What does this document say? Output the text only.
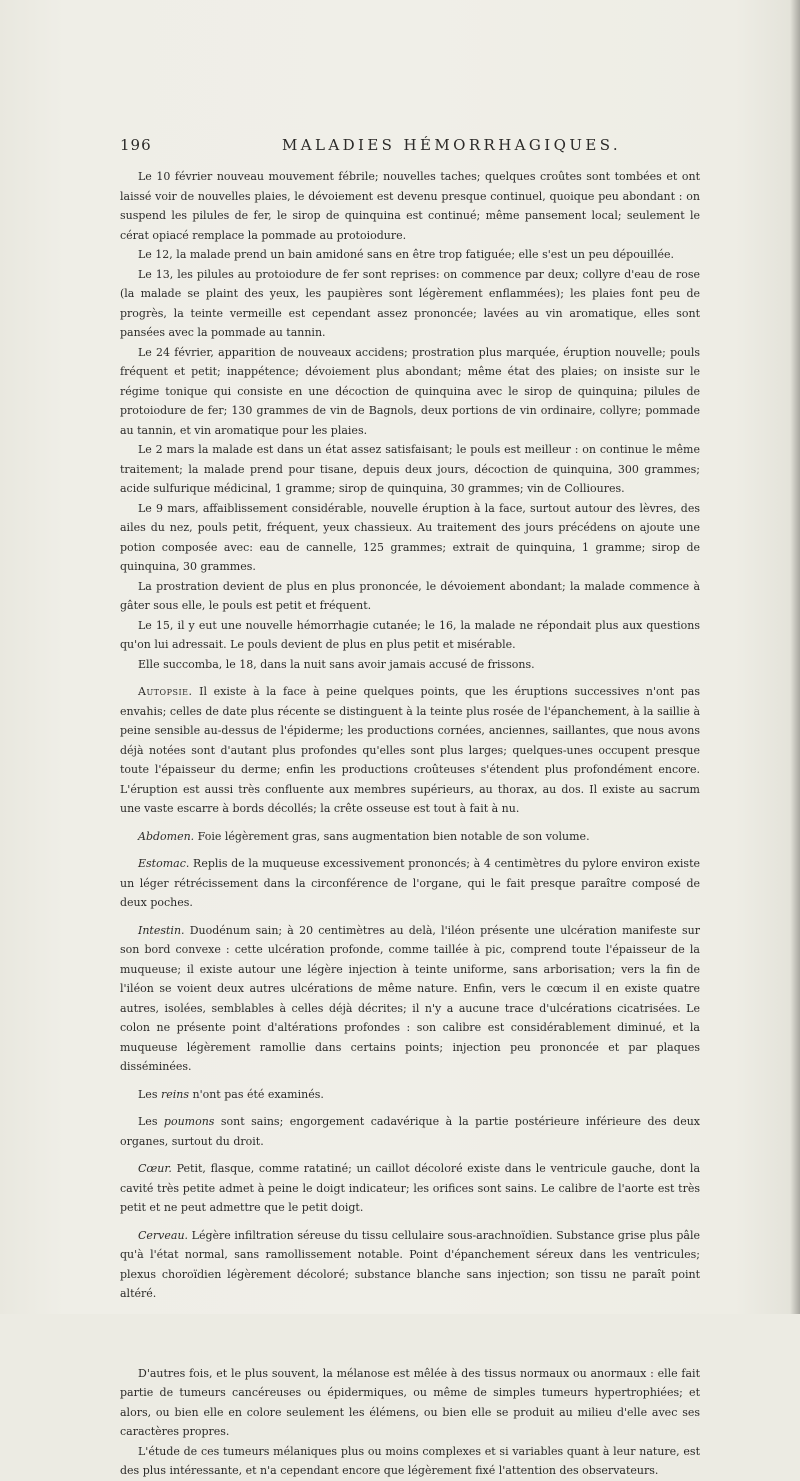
196	MALADIES HÉMORRHAGIQUES.

Le 10 février nouveau mouvement fébrile; nouvelles taches; quelques croûtes sont tombées et ont laissé voir de nouvelles plaies, le dévoiement est devenu presque continuel, quoique peu abondant : on suspend les pilules de fer, le sirop de quinquina est continué; même pansement local; seulement le cérat opiacé remplace la pommade au protoiodure.

Le 12, la malade prend un bain amidoné sans en être trop fatiguée; elle s'est un peu dépouillée.

Le 13, les pilules au protoiodure de fer sont reprises: on commence par deux; collyre d'eau de rose (la malade se plaint des yeux, les paupières sont légèrement enflammées); les plaies font peu de progrès, la teinte vermeille est cependant assez prononcée; lavées au vin aromatique, elles sont pansées avec la pommade au tannin.

Le 24 février, apparition de nouveaux accidens; prostration plus marquée, éruption nouvelle; pouls fréquent et petit; inappétence; dévoiement plus abondant; même état des plaies; on insiste sur le régime tonique qui consiste en une décoction de quinquina avec le sirop de quinquina; pilules de protoiodure de fer; 130 grammes de vin de Bagnols, deux portions de vin ordinaire, collyre; pommade au tannin, et vin aromatique pour les plaies.

Le 2 mars la malade est dans un état assez satisfaisant; le pouls est meilleur : on continue le même traitement; la malade prend pour tisane, depuis deux jours, décoction de quinquina, 300 grammes; acide sulfurique médicinal, 1 gramme; sirop de quinquina, 30 grammes; vin de Collioures.

Le 9 mars, affaiblissement considérable, nouvelle éruption à la face, surtout autour des lèvres, des ailes du nez, pouls petit, fréquent, yeux chassieux. Au traitement des jours précédens on ajoute une potion composée avec: eau de cannelle, 125 grammes; extrait de quinquina, 1 gramme; sirop de quinquina, 30 grammes.

La prostration devient de plus en plus prononcée, le dévoiement abondant; la malade commence à gâter sous elle, le pouls est petit et fréquent.

Le 15, il y eut une nouvelle hémorrhagie cutanée; le 16, la malade ne répondait plus aux questions qu'on lui adressait. Le pouls devient de plus en plus petit et misérable.

Elle succomba, le 18, dans la nuit sans avoir jamais accusé de frissons.

Autopsie. Il existe à la face à peine quelques points, que les éruptions successives n'ont pas envahis; celles de date plus récente se distinguent à la teinte plus rosée de l'épanchement, à la saillie à peine sensible au-dessus de l'épiderme; les productions cornées, anciennes, saillantes, que nous avons déjà notées sont d'autant plus profondes qu'elles sont plus larges; quelques-unes occupent presque toute l'épaisseur du derme; enfin les productions croûteuses s'étendent plus profondément encore. L'éruption est aussi très confluente aux membres supérieurs, au thorax, au dos. Il existe au sacrum une vaste escarre à bords décollés; la crête osseuse est tout à fait à nu.

Abdomen. Foie légèrement gras, sans augmentation bien notable de son volume.

Estomac. Replis de la muqueuse excessivement prononcés; à 4 centimètres du pylore environ existe un léger rétrécissement dans la circonférence de l'organe, qui le fait presque paraître composé de deux poches.

Intestin. Duodénum sain; à 20 centimètres au delà, l'iléon présente une ulcération manifeste sur son bord convexe : cette ulcération profonde, comme taillée à pic, comprend toute l'épaisseur de la muqueuse; il existe autour une légère injection à teinte uniforme, sans arborisation; vers la fin de l'iléon se voient deux autres ulcérations de même nature. Enfin, vers le cœcum il en existe quatre autres, isolées, semblables à celles déjà décrites; il n'y a aucune trace d'ulcérations cicatrisées. Le colon ne présente point d'altérations profondes : son calibre est considérablement diminué, et la muqueuse légèrement ramollie dans certains points; injection peu prononcée et par plaques disséminées.

Les reins n'ont pas été examinés.

Les poumons sont sains; engorgement cadavérique à la partie postérieure inférieure des deux organes, surtout du droit.

Cœur. Petit, flasque, comme ratatiné; un caillot décoloré existe dans le ventricule gauche, dont la cavité très petite admet à peine le doigt indicateur; les orifices sont sains. Le calibre de l'aorte est très petit et ne peut admettre que le petit doigt.

Cerveau. Légère infiltration séreuse du tissu cellulaire sous-arachnoïdien. Substance grise plus pâle qu'à l'état normal, sans ramollissement notable. Point d'épanchement séreux dans les ventricules; plexus choroïdien légèrement décoloré; substance blanche sans injection; son tissu ne paraît point altéré.

D'autres fois, et le plus souvent, la mélanose est mêlée à des tissus normaux ou anormaux : elle fait partie de tumeurs cancéreuses ou épidermiques, ou même de simples tumeurs hypertrophiées; et alors, ou bien elle en colore seulement les élémens, ou bien elle se produit au milieu d'elle avec ses caractères propres.

L'étude de ces tumeurs mélaniques plus ou moins complexes et si variables quant à leur nature, est des plus intéressante, et n'a cependant encore que légèrement fixé l'attention des observateurs.
